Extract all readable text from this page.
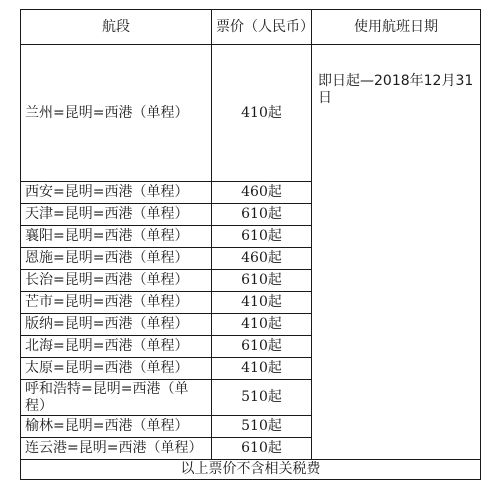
航段	票价（人民币）	使用航班日期
兰州=昆明=西港（单程）	410起	即日起—2018年12月31日
西安=昆明=西港（单程）	460起	
天津=昆明=西港（单程）	610起	
襄阳=昆明=西港（单程）	610起	
恩施=昆明=西港（单程）	460起	
长治=昆明=西港（单程）	610起	
芒市=昆明=西港（单程）	410起	
版纳=昆明=西港（单程）	410起	
北海=昆明=西港（单程）	610起	
太原=昆明=西港（单程）	410起	
呼和浩特=昆明=西港（单程）	510起	
榆林=昆明=西港（单程）	510起	
连云港=昆明=西港（单程）	610起	
以上票价不含相关税费		
